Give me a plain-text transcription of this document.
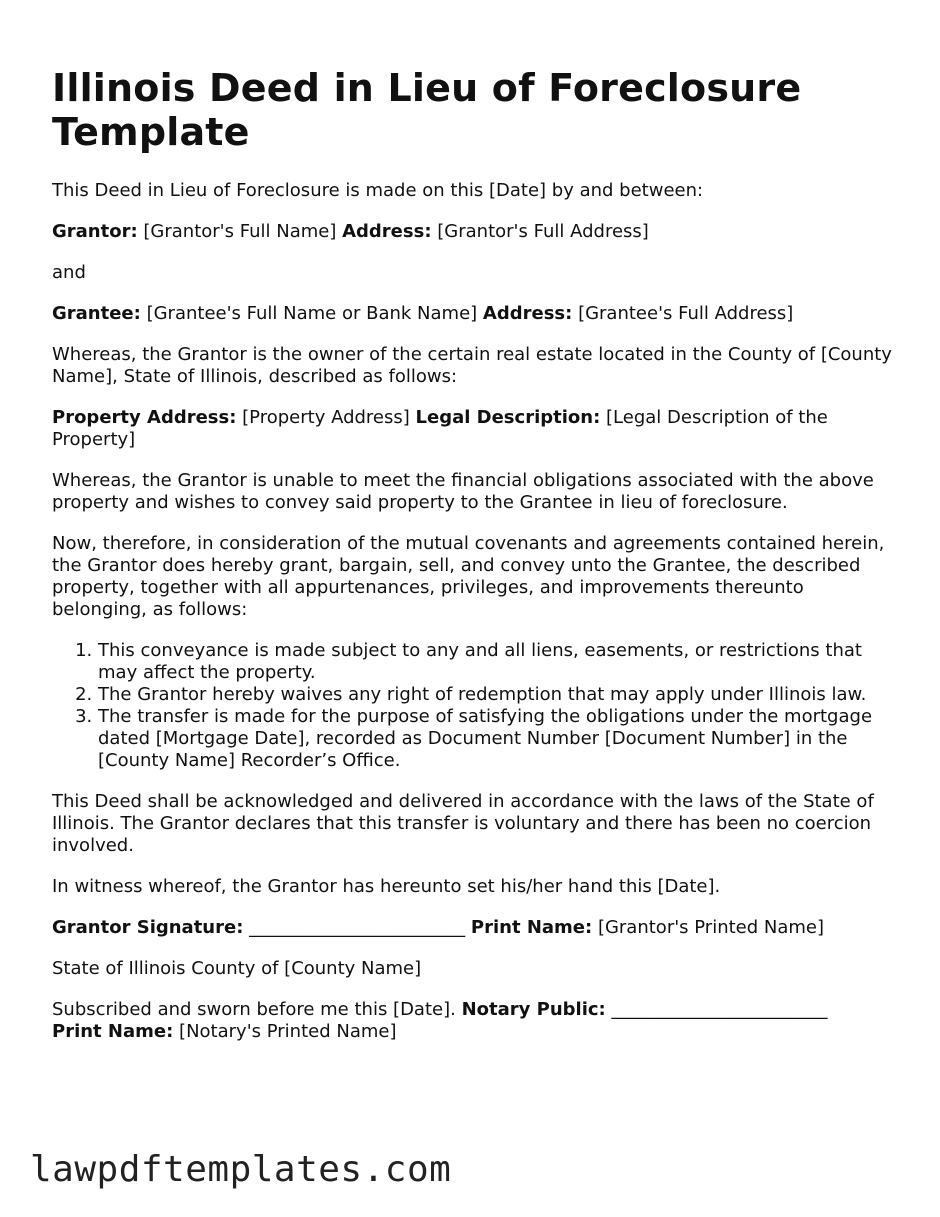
Illinois Deed in Lieu of Foreclosure Template

This Deed in Lieu of Foreclosure is made on this [Date] by and between:

Grantor: [Grantor's Full Name] Address: [Grantor's Full Address]

and

Grantee: [Grantee's Full Name or Bank Name] Address: [Grantee's Full Address]

Whereas, the Grantor is the owner of the certain real estate located in the County of [County Name], State of Illinois, described as follows:

Property Address: [Property Address] Legal Description: [Legal Description of the Property]

Whereas, the Grantor is unable to meet the financial obligations associated with the above property and wishes to convey said property to the Grantee in lieu of foreclosure.

Now, therefore, in consideration of the mutual covenants and agreements contained herein, the Grantor does hereby grant, bargain, sell, and convey unto the Grantee, the described property, together with all appurtenances, privileges, and improvements thereunto belonging, as follows:

1. This conveyance is made subject to any and all liens, easements, or restrictions that may affect the property.
2. The Grantor hereby waives any right of redemption that may apply under Illinois law.
3. The transfer is made for the purpose of satisfying the obligations under the mortgage dated [Mortgage Date], recorded as Document Number [Document Number] in the [County Name] Recorder’s Office.

This Deed shall be acknowledged and delivered in accordance with the laws of the State of Illinois. The Grantor declares that this transfer is voluntary and there has been no coercion involved.

In witness whereof, the Grantor has hereunto set his/her hand this [Date].

Grantor Signature: ________________________ Print Name: [Grantor's Printed Name]

State of Illinois County of [County Name]

Subscribed and sworn before me this [Date]. Notary Public: ________________________
Print Name: [Notary's Printed Name]

lawpdftemplates.com
